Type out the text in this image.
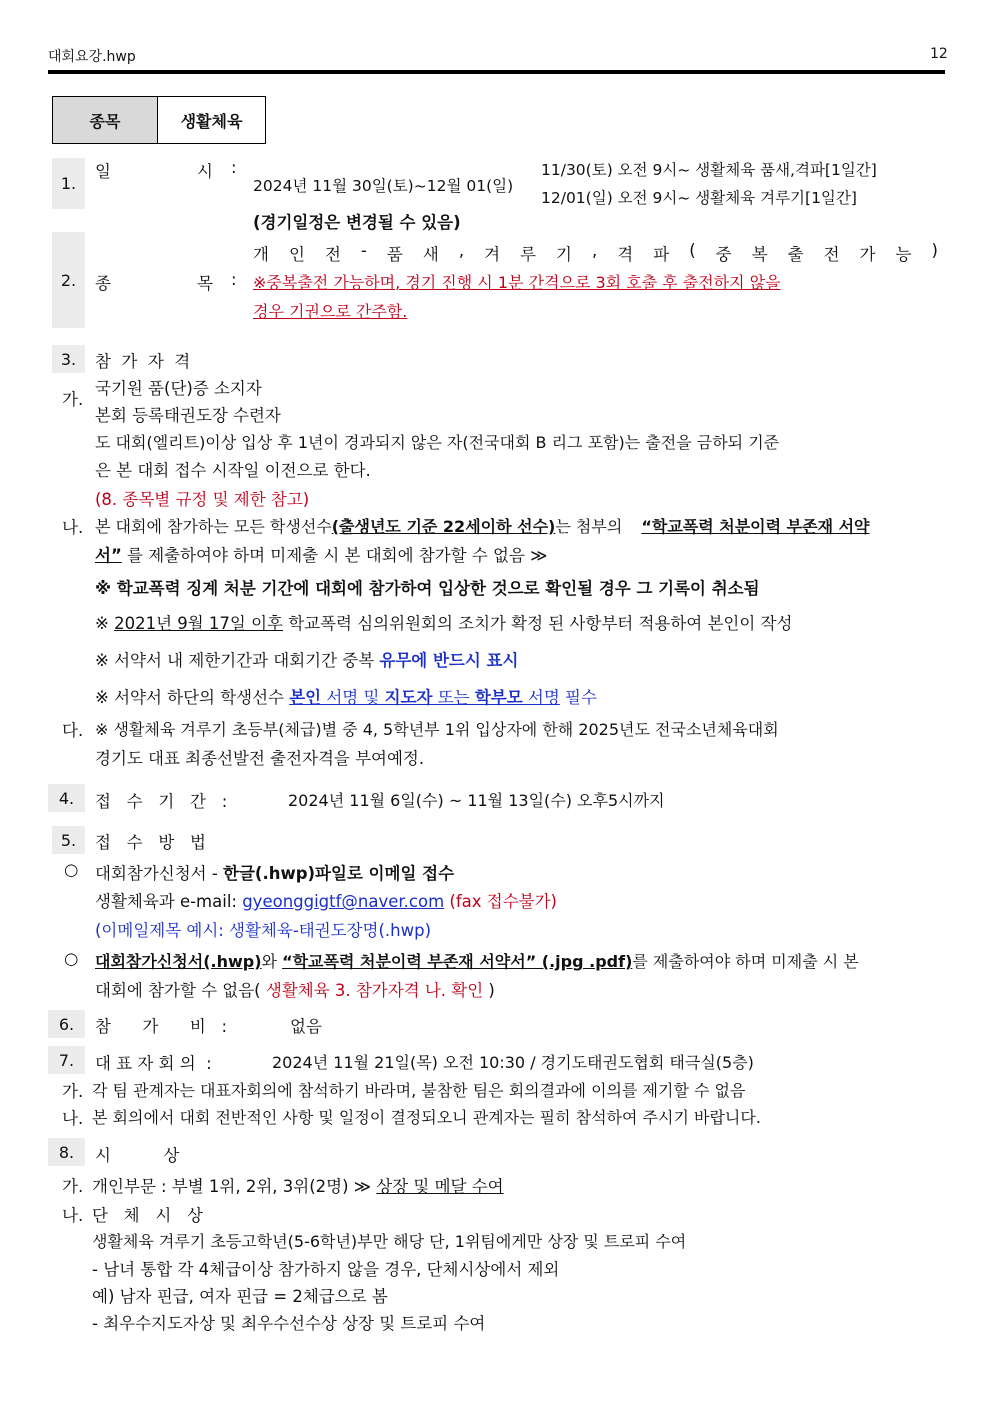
대회요강.hwp	12
종목	생활체육
1.
일	시 :
2024년 11월 30일(토)~12월 01(일)
11/30(토) 오전 9시~ 생활체육 품새,격파[1일간]
12/01(일) 오전 9시~ 생활체육 겨루기[1일간]
(경기일정은 변경될 수 있음)
2.	종	목 :
개 인 전 - 품 새 , 겨 루 기 , 격 파 ( 중 복 출 전 가 능 )
※중복출전 가능하며, 경기 진행 시 1분 간격으로 3회 호출 후 출전하지 않을
경우 기권으로 간주함.
3.	참  가  자  격
가.
국기원 품(단)증 소지자
본회 등록태권도장 수련자
도 대회(엘리트)이상 입상 후 1년이 경과되지 않은 자(전국대회 B 리그 포함)는 출전을 금하되 기준
은 본 대회 접수 시작일 이전으로 한다.
(8. 종목별 규정 및 제한 참고)
나. 본 대회에 참가하는 모든 학생선수(출생년도 기준 22세이하 선수)는 첨부의 “학교폭력 처분이력 부존재 서약
서” 를 제출하여야 하며 미제출 시 본 대회에 참가할 수 없음 ≫
※ 학교폭력 징계 처분 기간에 대회에 참가하여 입상한 것으로 확인될 경우 그 기록이 취소됨
※ 2021년 9월 17일 이후 학교폭력 심의위원회의 조치가 확정 된 사항부터 적용하여 본인이 작성
※ 서약서 내 제한기간과 대회기간 중복 유무에 반드시 표시
※ 서약서 하단의 학생선수 본인 서명 및 지도자 또는 학부모 서명 필수
다. ※ 생활체육 겨루기 초등부(체급)별 중 4, 5학년부 1위 입상자에 한해 2025년도 전국소년체육대회
경기도 대표 최종선발전 출전자격을 부여예정.
4.	접   수   기   간   :	2024년 11월 6일(수) ~ 11월 13일(수) 오후5시까지
5.	접   수   방   법
○ 대회참가신청서 - 한글(.hwp)파일로 이메일 접수
생활체육과 e-mail: gyeonggigtf@naver.com (fax 접수불가)
(이메일제목 예시: 생활체육-태권도장명(.hwp)
○ 대회참가신청서(.hwp)와 “학교폭력 처분이력 부존재 서약서” (.jpg .pdf)를 제출하여야 하며 미제출 시 본
대회에 참가할 수 없음( 생활체육 3. 참가자격 나. 확인 )
6.	참      가      비   :	없음
7.	대 표 자 회 의  :	2024년 11월 21일(목) 오전 10:30 / 경기도태권도협회 태극실(5층)
가. 각 팀 관계자는 대표자회의에 참석하기 바라며, 불참한 팀은 회의결과에 이의를 제기할 수 없음
나. 본 회의에서 대회 전반적인 사항 및 일정이 결정되오니 관계자는 필히 참석하여 주시기 바랍니다.
8.	시          상
가. 개인부문 : 부별 1위, 2위, 3위(2명) ≫ 상장 및 메달 수여
나. 단   체   시   상
생활체육 겨루기 초등고학년(5-6학년)부만 해당 단, 1위팀에게만 상장 및 트로피 수여
- 남녀 통합 각 4체급이상 참가하지 않을 경우, 단체시상에서 제외
예) 남자 핀급, 여자 핀급 = 2체급으로 봄
- 최우수지도자상 및 최우수선수상 상장 및 트로피 수여
